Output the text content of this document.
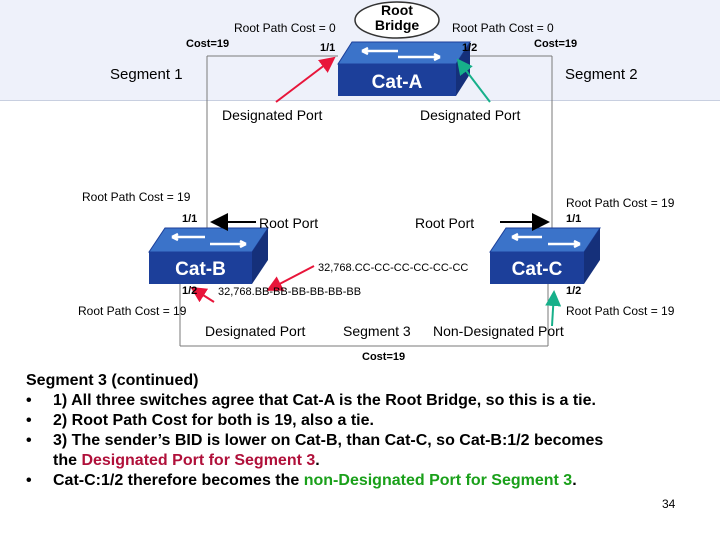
Root
Bridge
Root Path Cost = 0	Root Path Cost = 0
Cost=19	Cost=19
1/1	1/2
Segment 1	Segment 2
Cat-A
Designated Port	Designated Port
Root Path Cost = 19	Root Path Cost = 19
1/1	1/1
Root Port	Root Port
Cat-B	Cat-C
32,768.CC-CC-CC-CC-CC-CC
1/2 32,768.BB-BB-BB-BB-BB-BB	1/2
Root Path Cost = 19	Root Path Cost = 19
Designated Port	Segment 3 Non-Designated Port
Cost=19
Segment 3 (continued)
•	1) All three switches agree that Cat-A is the Root Bridge, so this is a tie.
•	2) Root Path Cost for both is 19, also a tie.
•	3) The sender’s BID is lower on Cat-B, than Cat-C, so Cat-B:1/2 becomes
the Designated Port for Segment 3.
•	Cat-C:1/2 therefore becomes the non-Designated Port for Segment 3.
34
